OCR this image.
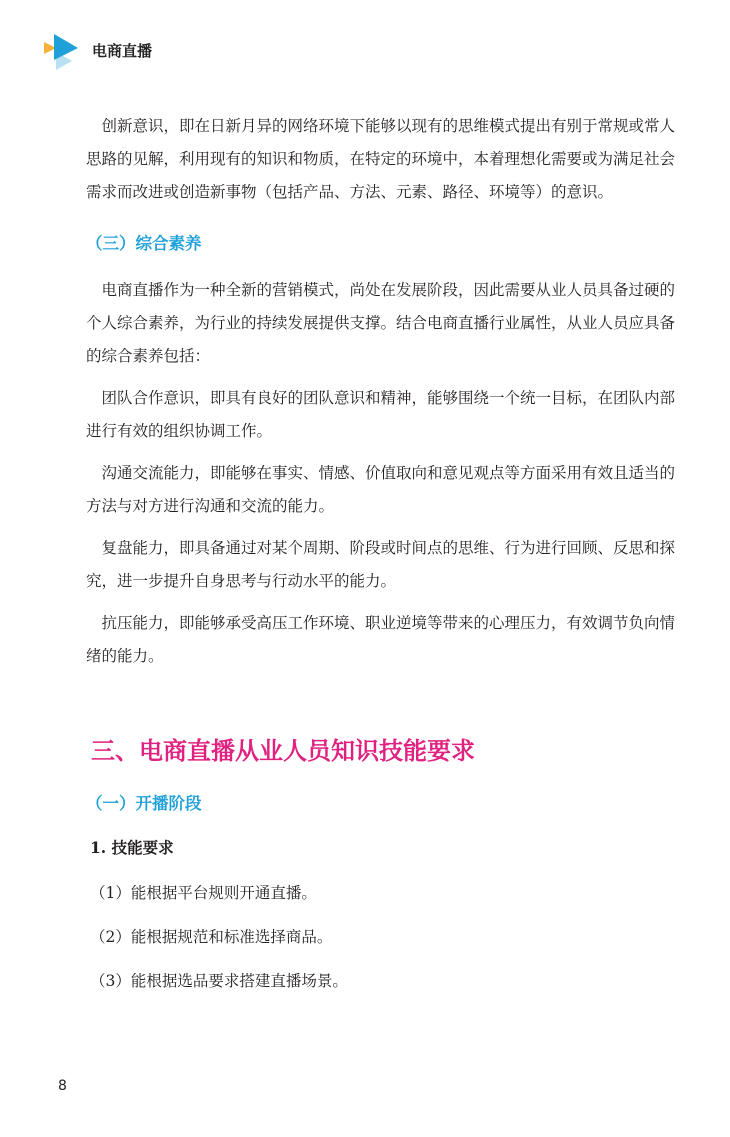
电商直播

创新意识，即在日新月异的网络环境下能够以现有的思维模式提出有别于常规或常人思路的见解，利用现有的知识和物质，在特定的环境中，本着理想化需要或为满足社会需求而改进或创造新事物（包括产品、方法、元素、路径、环境等）的意识。

（三）综合素养

电商直播作为一种全新的营销模式，尚处在发展阶段，因此需要从业人员具备过硬的个人综合素养，为行业的持续发展提供支撑。结合电商直播行业属性，从业人员应具备的综合素养包括：

团队合作意识，即具有良好的团队意识和精神，能够围绕一个统一目标，在团队内部进行有效的组织协调工作。

沟通交流能力，即能够在事实、情感、价值取向和意见观点等方面采用有效且适当的方法与对方进行沟通和交流的能力。

复盘能力，即具备通过对某个周期、阶段或时间点的思维、行为进行回顾、反思和探究，进一步提升自身思考与行动水平的能力。

抗压能力，即能够承受高压工作环境、职业逆境等带来的心理压力，有效调节负向情绪的能力。

三、电商直播从业人员知识技能要求

（一）开播阶段

1. 技能要求

（1）能根据平台规则开通直播。

（2）能根据规范和标准选择商品。

（3）能根据选品要求搭建直播场景。

8
